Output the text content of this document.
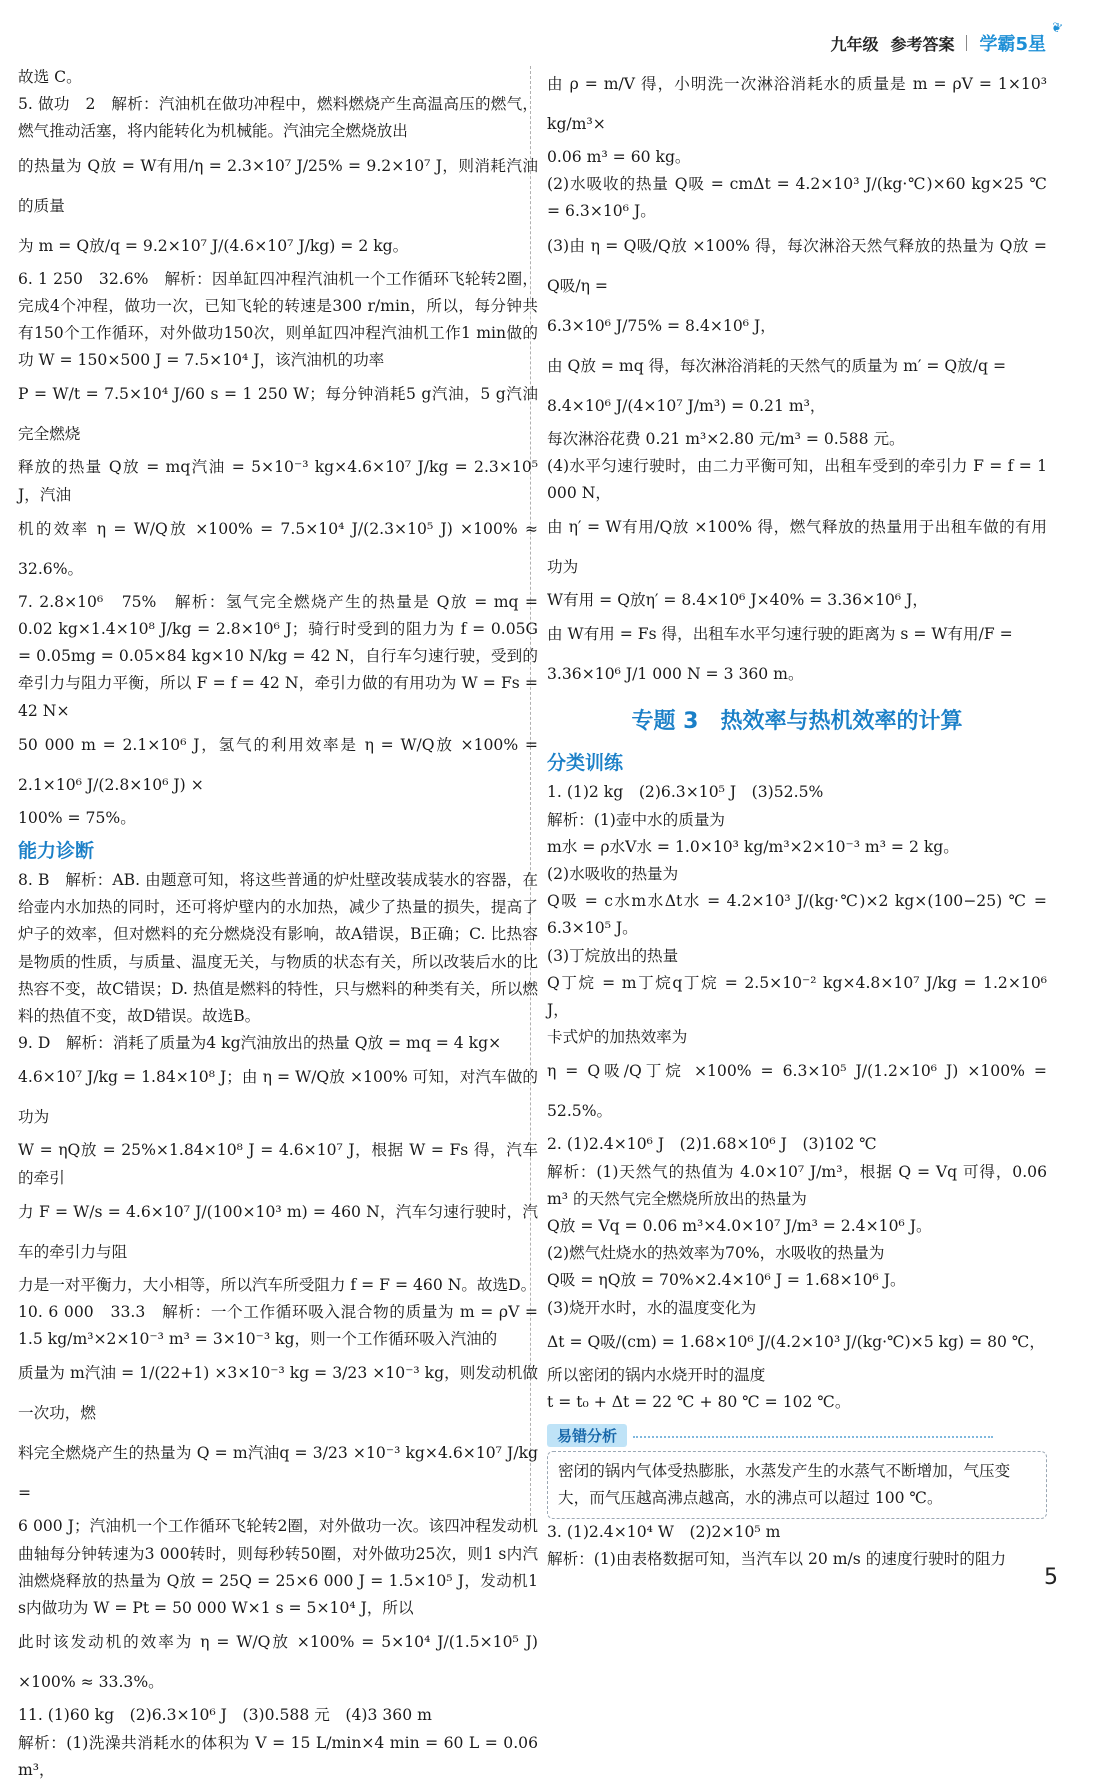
九年级 参考答案 学霸5星
❦
故选 C。
5. 做功　2　解析：汽油机在做功冲程中，燃料燃烧产生高温高压的燃气，燃气推动活塞，将内能转化为机械能。汽油完全燃烧放出
的热量为 Q放 = W有用/η = 2.3×10⁷ J/25% = 9.2×10⁷ J，则消耗汽油的质量
为 m = Q放/q = 9.2×10⁷ J/(4.6×10⁷ J/kg) = 2 kg。
6. 1 250　32.6%　解析：因单缸四冲程汽油机一个工作循环飞轮转2圈，完成4个冲程，做功一次，已知飞轮的转速是300 r/min，所以，每分钟共有150个工作循环，对外做功150次，则单缸四冲程汽油机工作1 min做的功 W = 150×500 J = 7.5×10⁴ J，该汽油机的功率
P = W/t = 7.5×10⁴ J/60 s = 1 250 W；每分钟消耗5 g汽油，5 g汽油完全燃烧
释放的热量 Q放 = mq汽油 = 5×10⁻³ kg×4.6×10⁷ J/kg = 2.3×10⁵ J，汽油
机的效率 η = W/Q放 ×100% = 7.5×10⁴ J/(2.3×10⁵ J) ×100% ≈ 32.6%。
7. 2.8×10⁶　75%　解析：氢气完全燃烧产生的热量是 Q放 = mq = 0.02 kg×1.4×10⁸ J/kg = 2.8×10⁶ J；骑行时受到的阻力为 f = 0.05G = 0.05mg = 0.05×84 kg×10 N/kg = 42 N，自行车匀速行驶，受到的牵引力与阻力平衡，所以 F = f = 42 N，牵引力做的有用功为 W = Fs = 42 N×
50 000 m = 2.1×10⁶ J，氢气的利用效率是 η = W/Q放 ×100% = 2.1×10⁶ J/(2.8×10⁶ J) ×
100% = 75%。
能力诊断
8. B　解析：AB. 由题意可知，将这些普通的炉灶壁改装成装水的容器，在给壶内水加热的同时，还可将炉壁内的水加热，减少了热量的损失，提高了炉子的效率，但对燃料的充分燃烧没有影响，故A错误，B正确；C. 比热容是物质的性质，与质量、温度无关，与物质的状态有关，所以改装后水的比热容不变，故C错误；D. 热值是燃料的特性，只与燃料的种类有关，所以燃料的热值不变，故D错误。故选B。
9. D　解析：消耗了质量为4 kg汽油放出的热量 Q放 = mq = 4 kg×
4.6×10⁷ J/kg = 1.84×10⁸ J；由 η = W/Q放 ×100% 可知，对汽车做的功为
W = ηQ放 = 25%×1.84×10⁸ J = 4.6×10⁷ J，根据 W = Fs 得，汽车的牵引
力 F = W/s = 4.6×10⁷ J/(100×10³ m) = 460 N，汽车匀速行驶时，汽车的牵引力与阻
力是一对平衡力，大小相等，所以汽车所受阻力 f = F = 460 N。故选D。
10. 6 000　33.3　解析：一个工作循环吸入混合物的质量为 m = ρV = 1.5 kg/m³×2×10⁻³ m³ = 3×10⁻³ kg，则一个工作循环吸入汽油的
质量为 m汽油 = 1/(22+1) ×3×10⁻³ kg = 3/23 ×10⁻³ kg，则发动机做一次功，燃
料完全燃烧产生的热量为 Q = m汽油q = 3/23 ×10⁻³ kg×4.6×10⁷ J/kg =
6 000 J；汽油机一个工作循环飞轮转2圈，对外做功一次。该四冲程发动机曲轴每分钟转速为3 000转时，则每秒转50圈，对外做功25次，则1 s内汽油燃烧释放的热量为 Q放 = 25Q = 25×6 000 J = 1.5×10⁵ J，发动机1 s内做功为 W = Pt = 50 000 W×1 s = 5×10⁴ J，所以
此时该发动机的效率为 η = W/Q放 ×100% = 5×10⁴ J/(1.5×10⁵ J) ×100% ≈ 33.3%。
11. (1)60 kg　(2)6.3×10⁶ J　(3)0.588 元　(4)3 360 m
解析：(1)洗澡共消耗水的体积为 V = 15 L/min×4 min = 60 L = 0.06 m³，
由 ρ = m/V 得，小明洗一次淋浴消耗水的质量是 m = ρV = 1×10³ kg/m³×
0.06 m³ = 60 kg。
(2)水吸收的热量 Q吸 = cmΔt = 4.2×10³ J/(kg·℃)×60 kg×25 ℃ = 6.3×10⁶ J。
(3)由 η = Q吸/Q放 ×100% 得，每次淋浴天然气释放的热量为 Q放 = Q吸/η =
6.3×10⁶ J/75% = 8.4×10⁶ J，
由 Q放 = mq 得，每次淋浴消耗的天然气的质量为 m′ = Q放/q =
8.4×10⁶ J/(4×10⁷ J/m³) = 0.21 m³，
每次淋浴花费 0.21 m³×2.80 元/m³ = 0.588 元。
(4)水平匀速行驶时，由二力平衡可知，出租车受到的牵引力 F = f = 1 000 N，
由 η′ = W有用/Q放 ×100% 得，燃气释放的热量用于出租车做的有用功为
W有用 = Q放η′ = 8.4×10⁶ J×40% = 3.36×10⁶ J，
由 W有用 = Fs 得，出租车水平匀速行驶的距离为 s = W有用/F =
3.36×10⁶ J/1 000 N = 3 360 m。
专题 3　热效率与热机效率的计算
分类训练
1. (1)2 kg　(2)6.3×10⁵ J　(3)52.5%
解析：(1)壶中水的质量为
m水 = ρ水V水 = 1.0×10³ kg/m³×2×10⁻³ m³ = 2 kg。
(2)水吸收的热量为
Q吸 = c水m水Δt水 = 4.2×10³ J/(kg·℃)×2 kg×(100−25) ℃ = 6.3×10⁵ J。
(3)丁烷放出的热量
Q丁烷 = m丁烷q丁烷 = 2.5×10⁻² kg×4.8×10⁷ J/kg = 1.2×10⁶ J，
卡式炉的加热效率为
η = Q吸/Q丁烷 ×100% = 6.3×10⁵ J/(1.2×10⁶ J) ×100% = 52.5%。
2. (1)2.4×10⁶ J　(2)1.68×10⁶ J　(3)102 ℃
解析：(1)天然气的热值为 4.0×10⁷ J/m³，根据 Q = Vq 可得，0.06 m³ 的天然气完全燃烧所放出的热量为
Q放 = Vq = 0.06 m³×4.0×10⁷ J/m³ = 2.4×10⁶ J。
(2)燃气灶烧水的热效率为70%，水吸收的热量为
Q吸 = ηQ放 = 70%×2.4×10⁶ J = 1.68×10⁶ J。
(3)烧开水时，水的温度变化为
Δt = Q吸/(cm) = 1.68×10⁶ J/(4.2×10³ J/(kg·℃)×5 kg) = 80 ℃，
所以密闭的锅内水烧开时的温度
t = t₀ + Δt = 22 ℃ + 80 ℃ = 102 ℃。
易错分析
密闭的锅内气体受热膨胀，水蒸发产生的水蒸气不断增加，气压变大，而气压越高沸点越高，水的沸点可以超过 100 ℃。
3. (1)2.4×10⁴ W　(2)2×10⁵ m
解析：(1)由表格数据可知，当汽车以 20 m/s 的速度行驶时的阻力
5
